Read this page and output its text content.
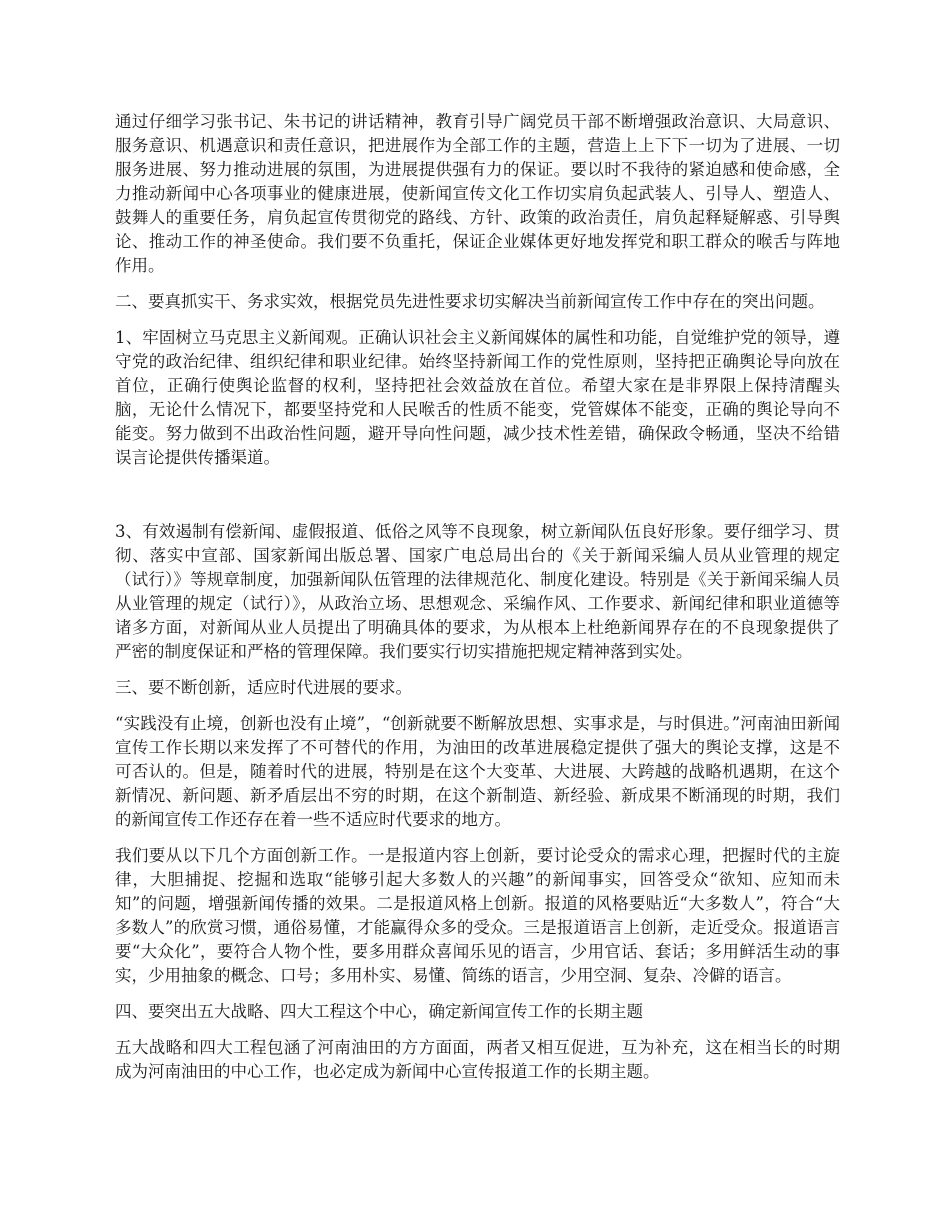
通过仔细学习张书记、朱书记的讲话精神，教育引导广阔党员干部不断增强政治意识、大局意识、服务意识、机遇意识和责任意识，把进展作为全部工作的主题，营造上上下下一切为了进展、一切服务进展、努力推动进展的氛围，为进展提供强有力的保证。要以时不我待的紧迫感和使命感，全力推动新闻中心各项事业的健康进展，使新闻宣传文化工作切实肩负起武装人、引导人、塑造人、鼓舞人的重要任务，肩负起宣传贯彻党的路线、方针、政策的政治责任，肩负起释疑解惑、引导舆论、推动工作的神圣使命。我们要不负重托，保证企业媒体更好地发挥党和职工群众的喉舌与阵地作用。

二、要真抓实干、务求实效，根据党员先进性要求切实解决当前新闻宣传工作中存在的突出问题。

1、牢固树立马克思主义新闻观。正确认识社会主义新闻媒体的属性和功能，自觉维护党的领导，遵守党的政治纪律、组织纪律和职业纪律。始终坚持新闻工作的党性原则，坚持把正确舆论导向放在首位，正确行使舆论监督的权利，坚持把社会效益放在首位。希望大家在是非界限上保持清醒头脑，无论什么情况下，都要坚持党和人民喉舌的性质不能变，党管媒体不能变，正确的舆论导向不能变。努力做到不出政治性问题，避开导向性问题，减少技术性差错，确保政令畅通，坚决不给错误言论提供传播渠道。

3、有效遏制有偿新闻、虚假报道、低俗之风等不良现象，树立新闻队伍良好形象。要仔细学习、贯彻、落实中宣部、国家新闻出版总署、国家广电总局出台的《关于新闻采编人员从业管理的规定（试行）》等规章制度，加强新闻队伍管理的法律规范化、制度化建设。特别是《关于新闻采编人员从业管理的规定（试行）》，从政治立场、思想观念、采编作风、工作要求、新闻纪律和职业道德等诸多方面，对新闻从业人员提出了明确具体的要求，为从根本上杜绝新闻界存在的不良现象提供了严密的制度保证和严格的管理保障。我们要实行切实措施把规定精神落到实处。

三、要不断创新，适应时代进展的要求。

“实践没有止境，创新也没有止境”，“创新就要不断解放思想、实事求是，与时俱进。”河南油田新闻宣传工作长期以来发挥了不可替代的作用，为油田的改革进展稳定提供了强大的舆论支撑，这是不可否认的。但是，随着时代的进展，特别是在这个大变革、大进展、大跨越的战略机遇期，在这个新情况、新问题、新矛盾层出不穷的时期，在这个新制造、新经验、新成果不断涌现的时期，我们的新闻宣传工作还存在着一些不适应时代要求的地方。

我们要从以下几个方面创新工作。一是报道内容上创新，要讨论受众的需求心理，把握时代的主旋律，大胆捕捉、挖掘和选取“能够引起大多数人的兴趣”的新闻事实，回答受众“欲知、应知而未知”的问题，增强新闻传播的效果。二是报道风格上创新。报道的风格要贴近“大多数人”，符合“大多数人”的欣赏习惯，通俗易懂，才能赢得众多的受众。三是报道语言上创新，走近受众。报道语言要“大众化”，要符合人物个性，要多用群众喜闻乐见的语言，少用官话、套话；多用鲜活生动的事实，少用抽象的概念、口号；多用朴实、易懂、简练的语言，少用空洞、复杂、冷僻的语言。

四、要突出五大战略、四大工程这个中心，确定新闻宣传工作的长期主题

五大战略和四大工程包涵了河南油田的方方面面，两者又相互促进，互为补充，这在相当长的时期成为河南油田的中心工作，也必定成为新闻中心宣传报道工作的长期主题。
